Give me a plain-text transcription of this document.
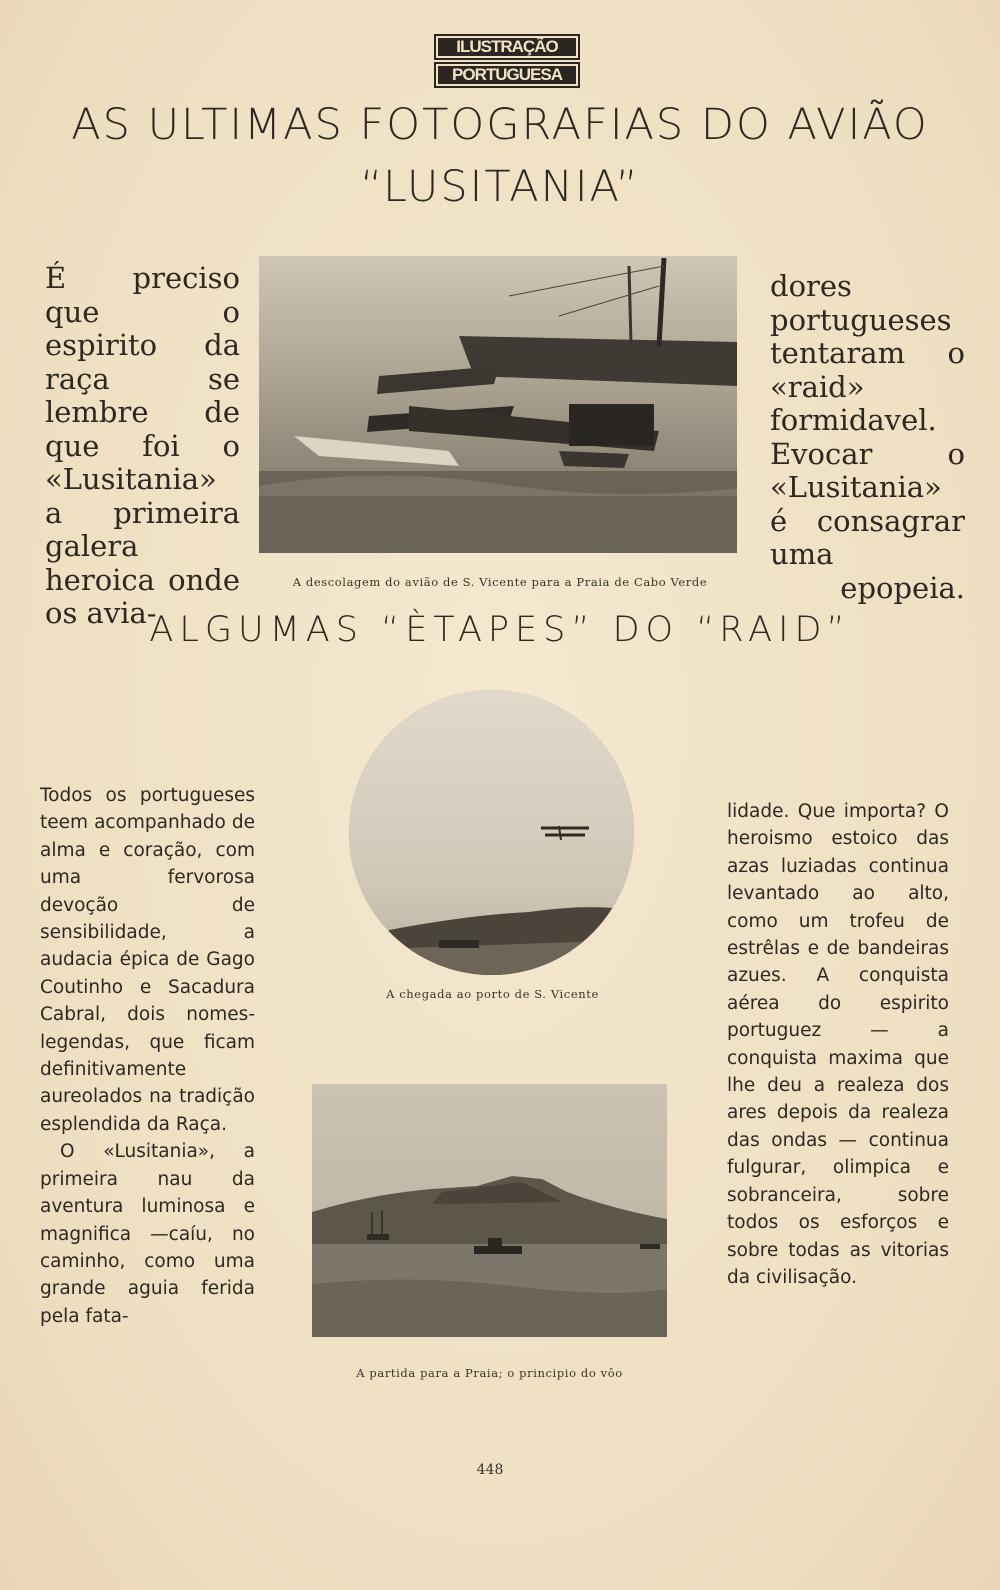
ILUSTRAÇÃO
PORTUGUESA
AS ULTIMAS FOTOGRAFIAS DO AVIÃO
“LUSITANIA”
É preciso que o espirito da raça se lembre de que foi o «Lusitania» a primeira galera heroica onde os avia-
dores portugueses tentaram o «raid» formidavel. Evocar o «Lusitania» é consagrar uma epopeia.
A descolagem do avião de S. Vicente para a Praia de Cabo Verde
ALGUMAS “ÈTAPES” DO “RAID”

Todos os portugueses teem acompanhado de alma e coração, com uma fervorosa devoção de sensibilidade, a audacia épica de Gago Coutinho e Sacadura Cabral, dois nomes-legendas, que ficam definitivamente aureolados na tradição esplendida da Raça.

O «Lusitania», a primeira nau da aventura luminosa e magnifica —caíu, no caminho, como uma grande aguia ferida pela fata-

A chegada ao porto de S. Vicente
A partida para a Praia; o principio do vôo

lidade. Que importa? O heroismo estoico das azas luziadas continua levantado ao alto, como um trofeu de estrêlas e de bandeiras azues. A conquista aérea do espirito portuguez — a conquista maxima que lhe deu a realeza dos ares depois da realeza das ondas — continua fulgurar, olimpica e sobranceira, sobre todos os esforços e sobre todas as vitorias da civilisação.

448
